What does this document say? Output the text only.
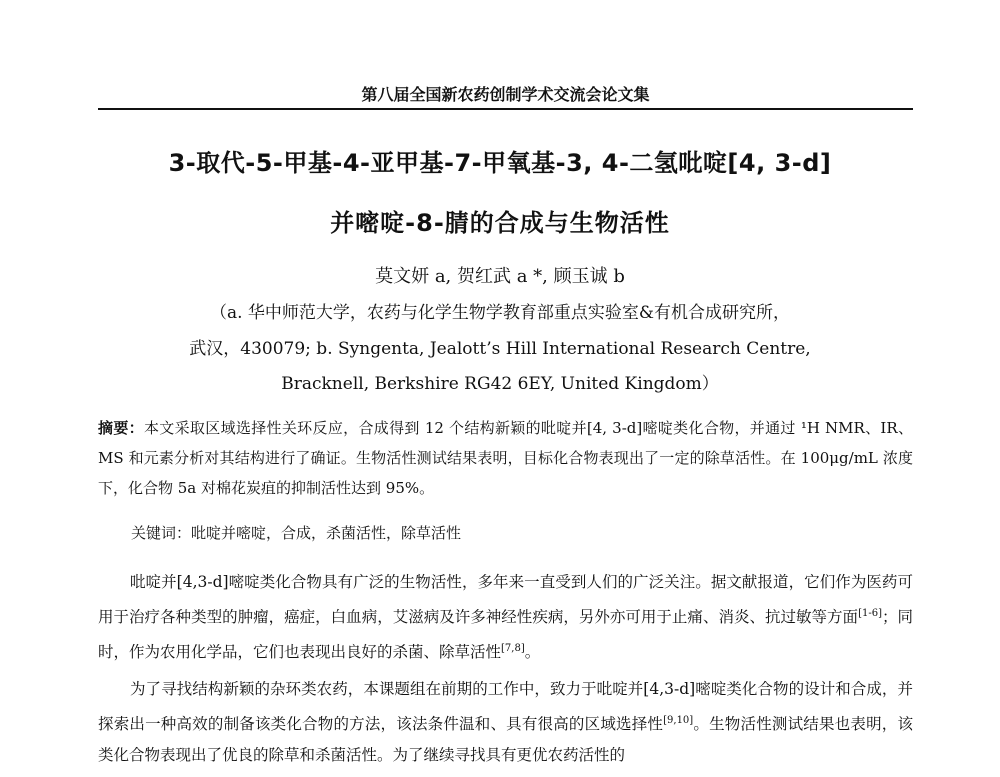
第八届全国新农药创制学术交流会论文集
3-取代-5-甲基-4-亚甲基-7-甲氧基-3, 4-二氢吡啶[4, 3-d]
并嘧啶-8-腈的合成与生物活性
莫文妍 a, 贺红武 a *, 顾玉诚 b
（a. 华中师范大学，农药与化学生物学教育部重点实验室&有机合成研究所，
武汉，430079; b. Syngenta, Jealott’s Hill International Research Centre,
Bracknell, Berkshire RG42 6EY, United Kingdom）
摘要：本文采取区域选择性关环反应，合成得到 12 个结构新颖的吡啶并[4, 3-d]嘧啶类化合物，并通过 ¹H NMR、IR、MS 和元素分析对其结构进行了确证。生物活性测试结果表明，目标化合物表现出了一定的除草活性。在 100μg/mL 浓度下，化合物 5a 对棉花炭疽的抑制活性达到 95%。
关键词：吡啶并嘧啶，合成，杀菌活性，除草活性

吡啶并[4,3-d]嘧啶类化合物具有广泛的生物活性，多年来一直受到人们的广泛关注。据文献报道，它们作为医药可用于治疗各种类型的肿瘤，癌症，白血病，艾滋病及许多神经性疾病，另外亦可用于止痛、消炎、抗过敏等方面[1-6]；同时，作为农用化学品，它们也表现出良好的杀菌、除草活性[7,8]。

为了寻找结构新颖的杂环类农药，本课题组在前期的工作中，致力于吡啶并[4,3-d]嘧啶类化合物的设计和合成，并探索出一种高效的制备该类化合物的方法，该法条件温和、具有很高的区域选择性[9,10]。生物活性测试结果也表明，该类化合物表现出了优良的除草和杀菌活性。为了继续寻找具有更优农药活性的
